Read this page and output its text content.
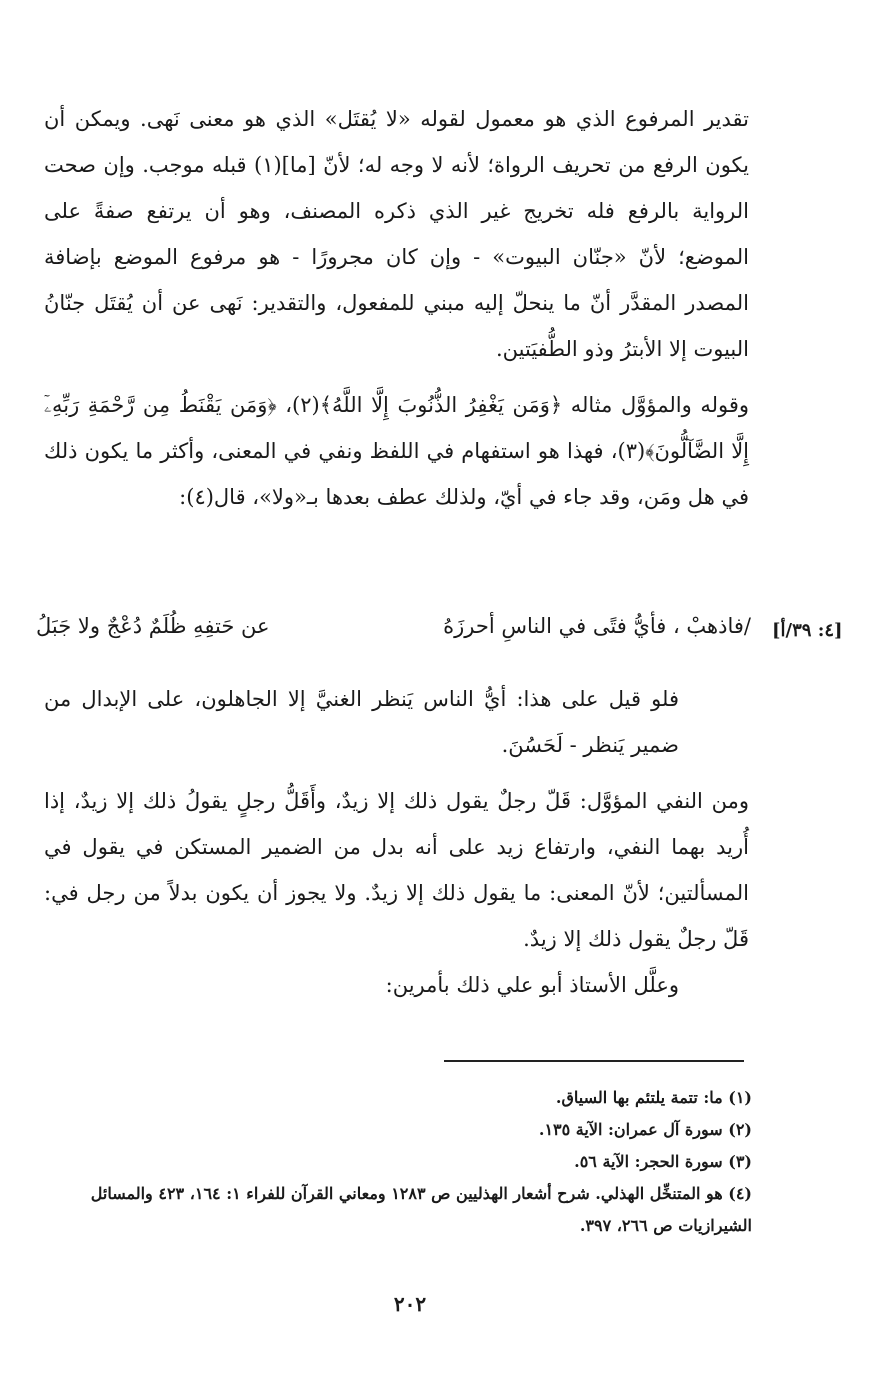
تقدير المرفوع الذي هو معمول لقوله «لا يُقتَل» الذي هو معنى نَهى. ويمكن أن يكون الرفع من تحريف الرواة؛ لأنه لا وجه له؛ لأنّ [ما](١) قبله موجب. وإن صحت الرواية بالرفع فله تخريج غير الذي ذكره المصنف، وهو أن يرتفع صفةً على الموضع؛ لأنّ «جنّان البيوت» - وإن كان مجرورًا - هو مرفوع الموضع بإضافة المصدر المقدَّر أنّ ما ينحلّ إليه مبني للمفعول، والتقدير: نَهى عن أن يُقتَل جنّانُ البيوت إلا الأبترُ وذو الطُّفيَتين.

وقوله والمؤوَّل مثاله ﴿وَمَن يَغْفِرُ الذُّنُوبَ إِلَّا اللَّهُ﴾(٢)، ﴿وَمَن يَقْنَطُ مِن رَّحْمَةِ رَبِّهِۦٓ إِلَّا الضَّآلُّونَ﴾(٣)، فهذا هو استفهام في اللفظ ونفي في المعنى، وأكثر ما يكون ذلك في هل ومَن، وقد جاء في أيّ، ولذلك عطف بعدها بـ«ولا»، قال(٤):

/فاذهبْ ، فأيُّ فتًى في الناسِ أحرزَهُ
عن حَتفِهِ ظُلَمٌ دُعْجٌ ولا جَبَلُ	[٤: ٣٩/أ]

فلو قيل على هذا: أيُّ الناس يَنظر الغنيَّ إلا الجاهلون، على الإبدال من ضمير يَنظر - لَحَسُنَ.

ومن النفي المؤوَّل: قَلّ رجلٌ يقول ذلك إلا زيدٌ، وأَقَلُّ رجلٍ يقولُ ذلك إلا زيدٌ، إذا أُريد بهما النفي، وارتفاع زيد على أنه بدل من الضمير المستكن في يقول في المسألتين؛ لأنّ المعنى: ما يقول ذلك إلا زيدٌ. ولا يجوز أن يكون بدلاً من رجل في: قَلّ رجلٌ يقول ذلك إلا زيدٌ.

وعلَّل الأستاذ أبو علي ذلك بأمرين:

(١) ما: تتمة يلتئم بها السياق.

(٢) سورة آل عمران: الآية ١٣٥.

(٣) سورة الحجر: الآية ٥٦.

(٤) هو المتنخِّل الهذلي. شرح أشعار الهذليين ص ١٢٨٣ ومعاني القرآن للفراء ١: ١٦٤، ٤٢٣ والمسائل الشيرازيات ص ٢٦٦، ٣٩٧.

٢٠٢
